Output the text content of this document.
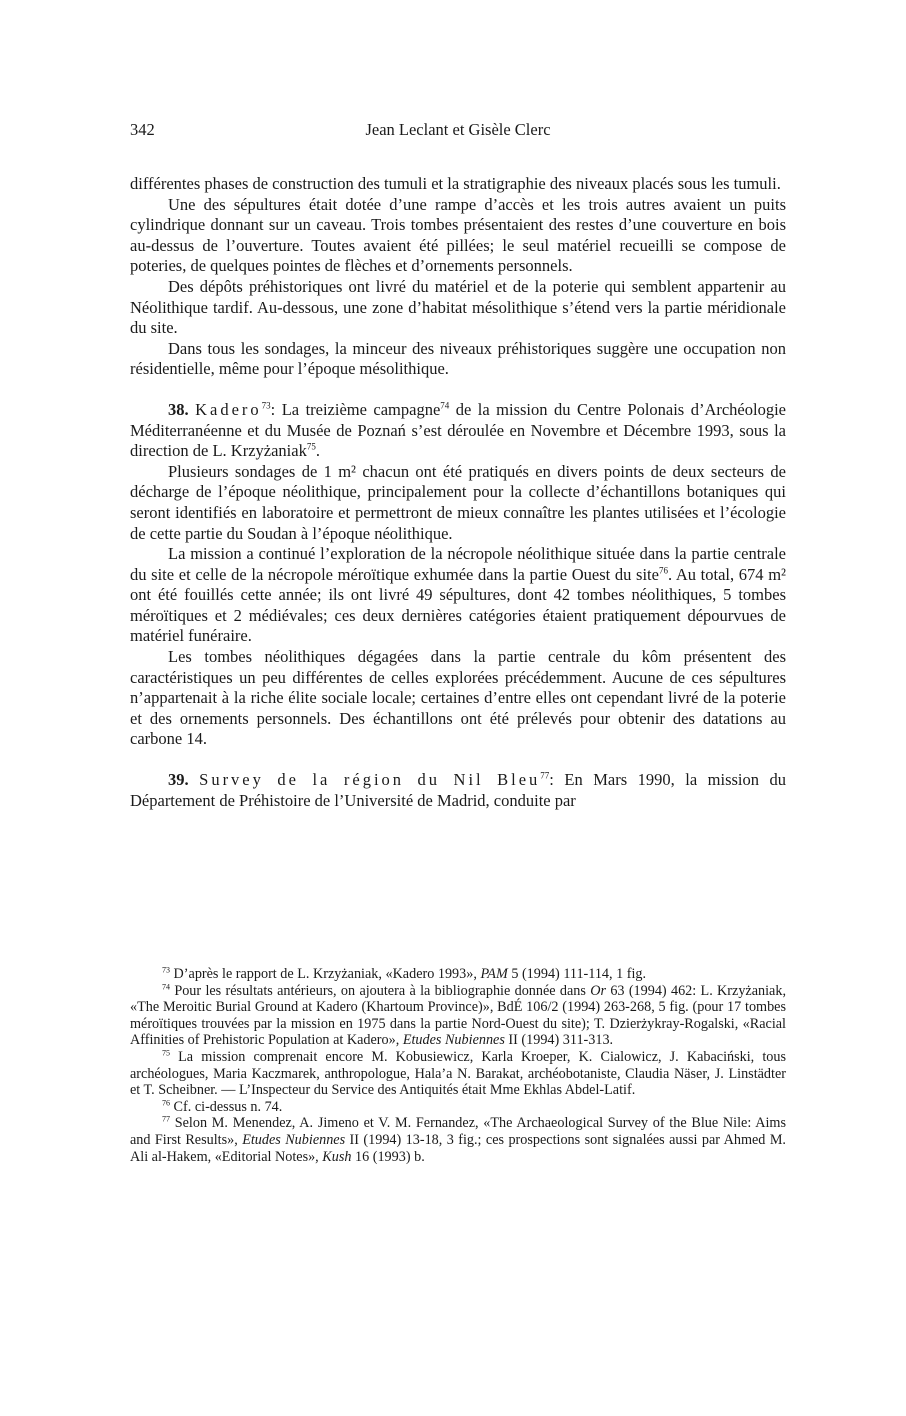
342	Jean Leclant et Gisèle Clerc

différentes phases de construction des tumuli et la stratigraphie des niveaux placés sous les tumuli.

Une des sépultures était dotée d’une rampe d’accès et les trois autres avaient un puits cylindrique donnant sur un caveau. Trois tombes présentaient des restes d’une couverture en bois au-dessus de l’ouverture. Toutes avaient été pillées; le seul matériel recueilli se compose de poteries, de quelques pointes de flèches et d’ornements personnels.

Des dépôts préhistoriques ont livré du matériel et de la poterie qui semblent appartenir au Néolithique tardif. Au-dessous, une zone d’habitat mésolithique s’étend vers la partie méridionale du site.

Dans tous les sondages, la minceur des niveaux préhistoriques suggère une occupation non résidentielle, même pour l’époque mésolithique.

38. Kadero$^{73}$: La treizième campagne$^{74}$ de la mission du Centre Polonais d’Archéologie Méditerranéenne et du Musée de Poznań s’est déroulée en Novembre et Décembre 1993, sous la direction de L. Krzyżaniak$^{75}$.

Plusieurs sondages de 1 m² chacun ont été pratiqués en divers points de deux secteurs de décharge de l’époque néolithique, principalement pour la collecte d’échantillons botaniques qui seront identifiés en laboratoire et permettront de mieux connaître les plantes utilisées et l’écologie de cette partie du Soudan à l’époque néolithique.

La mission a continué l’exploration de la nécropole néolithique située dans la partie centrale du site et celle de la nécropole méroïtique exhumée dans la partie Ouest du site$^{76}$. Au total, 674 m² ont été fouillés cette année; ils ont livré 49 sépultures, dont 42 tombes néolithiques, 5 tombes méroïtiques et 2 médiévales; ces deux dernières catégories étaient pratiquement dépourvues de matériel funéraire.

Les tombes néolithiques dégagées dans la partie centrale du kôm présentent des caractéristiques un peu différentes de celles explorées précédemment. Aucune de ces sépultures n’appartenait à la riche élite sociale locale; certaines d’entre elles ont cependant livré de la poterie et des ornements personnels. Des échantillons ont été prélevés pour obtenir des datations au carbone 14.

39. Survey de la région du Nil Bleu$^{77}$: En Mars 1990, la mission du Département de Préhistoire de l’Université de Madrid, conduite par

$^{73}$ D’après le rapport de L. Krzyżaniak, «Kadero 1993», PAM 5 (1994) 111-114, 1 fig.

$^{74}$ Pour les résultats antérieurs, on ajoutera à la bibliographie donnée dans Or 63 (1994) 462: L. Krzyżaniak, «The Meroitic Burial Ground at Kadero (Khartoum Province)», BdÉ 106/2 (1994) 263-268, 5 fig. (pour 17 tombes méroïtiques trouvées par la mission en 1975 dans la partie Nord-Ouest du site); T. Dzierżykray-Rogalski, «Racial Affinities of Prehistoric Population at Kadero», Etudes Nubiennes II (1994) 311-313.

$^{75}$ La mission comprenait encore M. Kobusiewicz, Karla Kroeper, K. Cialowicz, J. Kabaciński, tous archéologues, Maria Kaczmarek, anthropologue, Hala’a N. Barakat, archéobotaniste, Claudia Näser, J. Linstädter et T. Scheibner. — L’Inspecteur du Service des Antiquités était Mme Ekhlas Abdel-Latif.

$^{76}$ Cf. ci-dessus n. 74.

$^{77}$ Selon M. Menendez, A. Jimeno et V. M. Fernandez, «The Archaeological Survey of the Blue Nile: Aims and First Results», Etudes Nubiennes II (1994) 13-18, 3 fig.; ces prospections sont signalées aussi par Ahmed M. Ali al-Hakem, «Editorial Notes», Kush 16 (1993) b.
